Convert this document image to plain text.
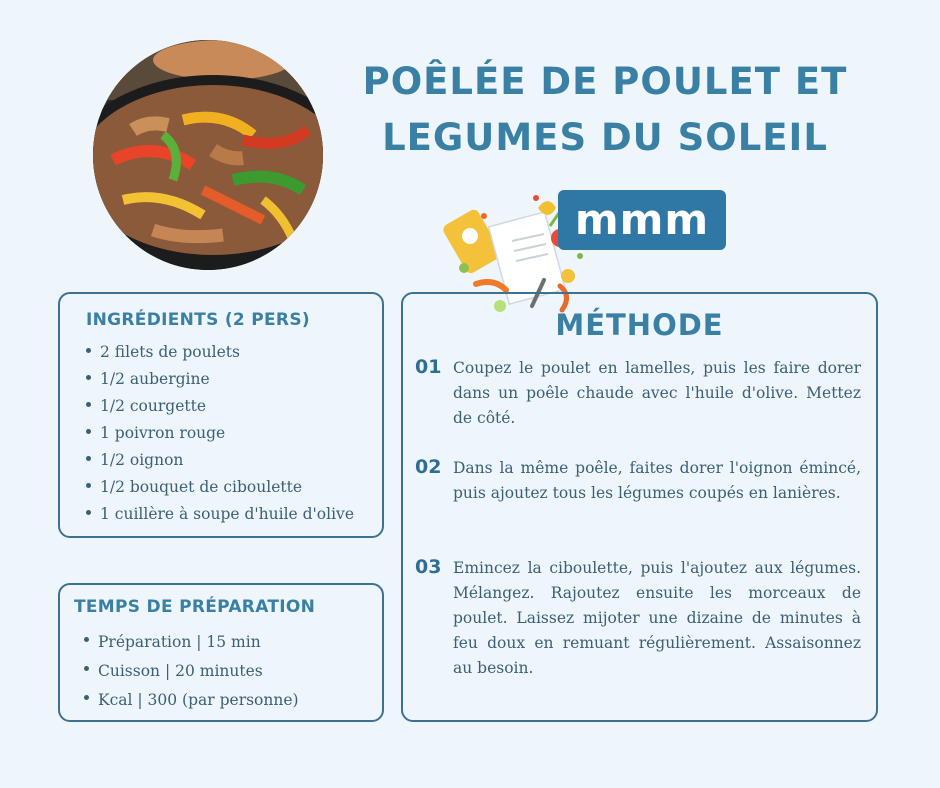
POÊLÉE DE POULET ET
LEGUMES DU SOLEIL
mmm
INGRÉDIENTS (2 PERS)
2 filets de poulets
1/2 aubergine
1/2 courgette
1 poivron rouge
1/2 oignon
1/2 bouquet de ciboulette
1 cuillère à soupe d'huile d'olive
TEMPS DE PRÉPARATION
Préparation | 15 min
Cuisson | 20 minutes
Kcal | 300 (par personne)
MÉTHODE
01 Coupez le poulet en lamelles, puis les faire dorer dans un poêle chaude avec l'huile d'olive. Mettez de côté.

02 Dans la même poêle, faites dorer l'oignon émincé, puis ajoutez tous les légumes coupés en lanières.

03 Emincez la ciboulette, puis l'ajoutez aux légumes. Mélangez. Rajoutez ensuite les morceaux de poulet. Laissez mijoter une dizaine de minutes à feu doux en remuant régulièrement. Assaisonnez au besoin.
